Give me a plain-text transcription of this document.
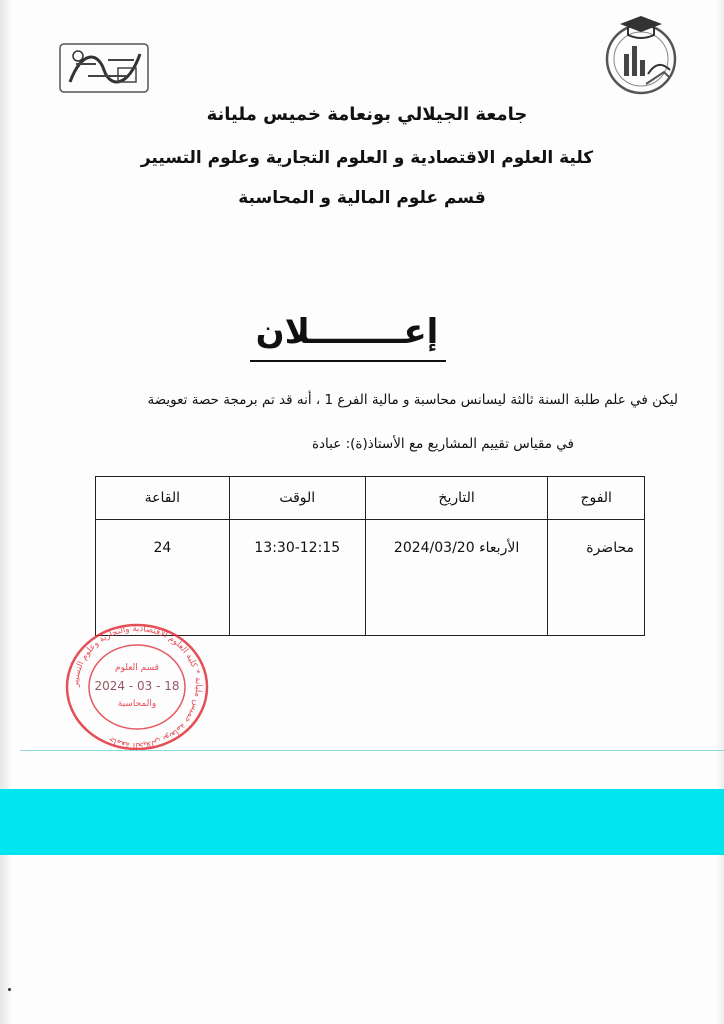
جامعة الجيلالي بونعامة خميس مليانة
كلية العلوم الاقتصادية و العلوم التجارية وعلوم التسيير
قسم علوم المالية و المحاسبة
إعــــــــلان
ليكن في علم طلبة السنة ثالثة ليسانس محاسبة و مالية الفرع 1 ، أنه قد تم برمجة حصة تعويضة
في مقياس تقييم المشاريع مع الأستاذ(ة): عبادة
الفوج	التاريخ	الوقت	القاعة
محاضرة	الأربعاء 2024/03/20	13:30-12:15	24
جامعة الجيلالي بونعامة خميس مليانة * كلية العلوم الاقتصادية والتجارية وعلوم التسيير
قسم العلوم
والمحاسبة
2024 - 03 - 18
